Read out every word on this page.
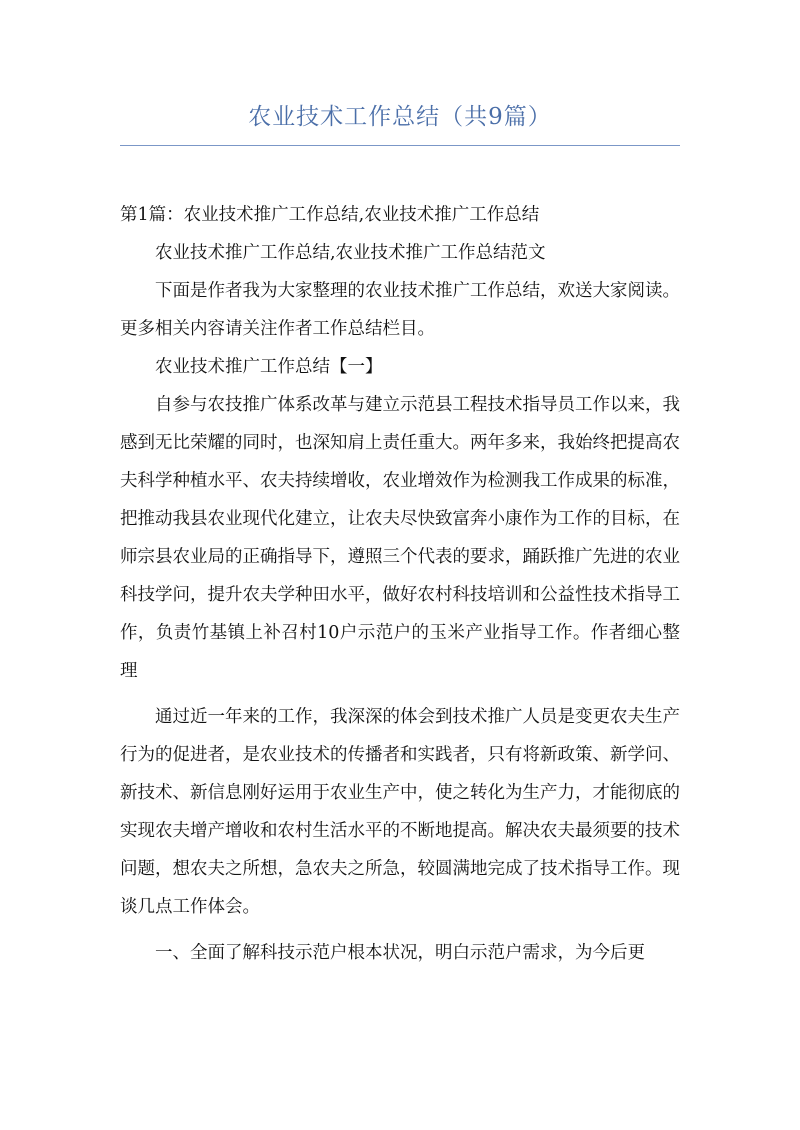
农业技术工作总结（共9篇）

第1篇：农业技术推广工作总结,农业技术推广工作总结

农业技术推广工作总结,农业技术推广工作总结范文

下面是作者我为大家整理的农业技术推广工作总结，欢送大家阅读。更多相关内容请关注作者工作总结栏目。

农业技术推广工作总结【一】

自参与农技推广体系改革与建立示范县工程技术指导员工作以来，我感到无比荣耀的同时，也深知肩上责任重大。两年多来，我始终把提高农夫科学种植水平、农夫持续增收，农业增效作为检测我工作成果的标准，把推动我县农业现代化建立，让农夫尽快致富奔小康作为工作的目标，在师宗县农业局的正确指导下，遵照三个代表的要求，踊跃推广先进的农业科技学问，提升农夫学种田水平，做好农村科技培训和公益性技术指导工作，负责竹基镇上补召村10户示范户的玉米产业指导工作。作者细心整理

通过近一年来的工作，我深深的体会到技术推广人员是变更农夫生产行为的促进者，是农业技术的传播者和实践者，只有将新政策、新学问、新技术、新信息刚好运用于农业生产中，使之转化为生产力，才能彻底的实现农夫增产增收和农村生活水平的不断地提高。解决农夫最须要的技术问题，想农夫之所想，急农夫之所急，较圆满地完成了技术指导工作。现谈几点工作体会。

一、全面了解科技示范户根本状况，明白示范户需求，为今后更
